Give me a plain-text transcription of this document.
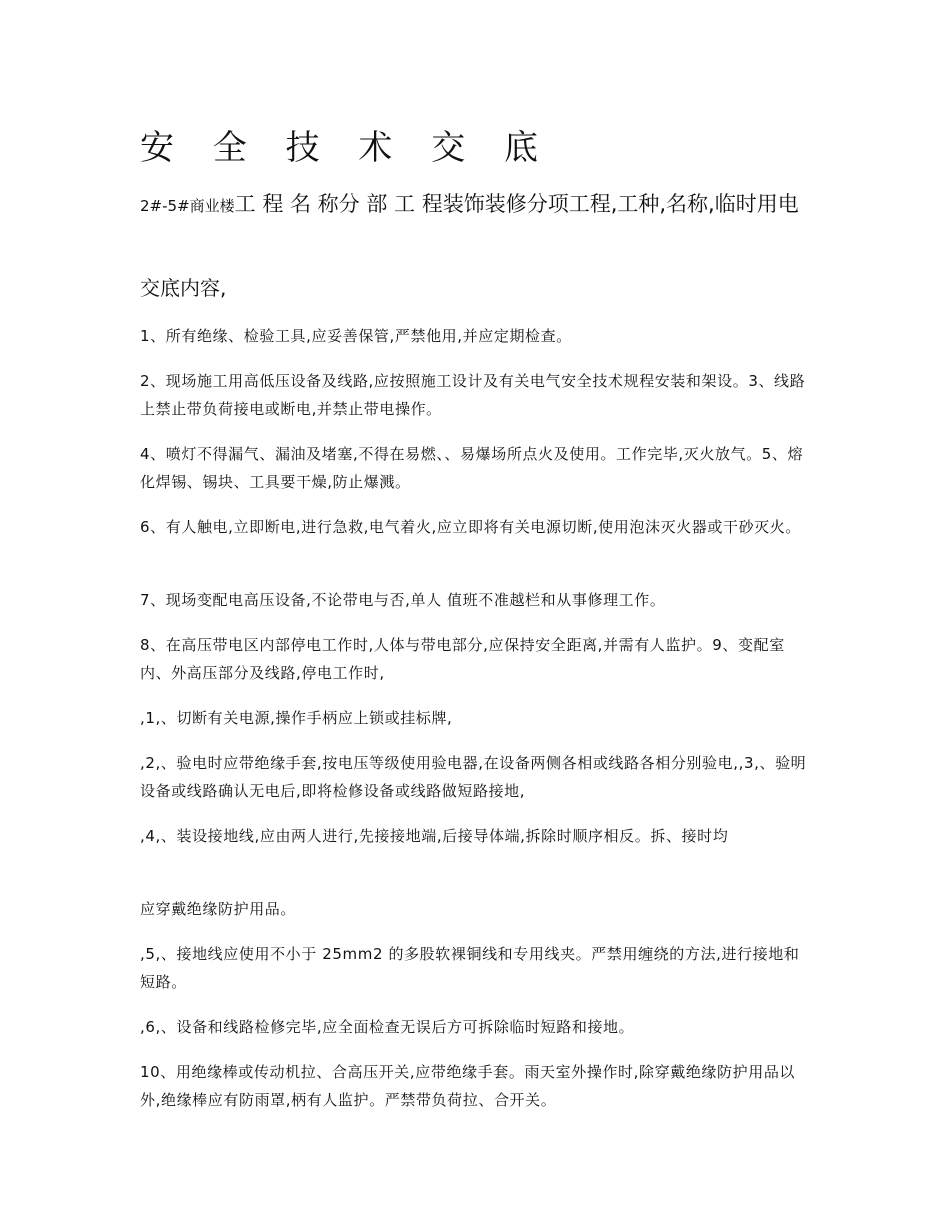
安 全 技 术 交 底

2#-5#商业楼工 程 名 称分 部 工 程装饰装修分项工程,工种,名称,临时用电

交底内容,

1、所有绝缘、检验工具,应妥善保管,严禁他用,并应定期检查。

2、现场施工用高低压设备及线路,应按照施工设计及有关电气安全技术规程安装和架设。3、线路上禁止带负荷接电或断电,并禁止带电操作。

4、喷灯不得漏气、漏油及堵塞,不得在易燃、、易爆场所点火及使用。工作完毕,灭火放气。5、熔化焊锡、锡块、工具要干燥,防止爆溅。

6、有人触电,立即断电,进行急救,电气着火,应立即将有关电源切断,使用泡沫灭火器或干砂灭火。

7、现场变配电高压设备,不论带电与否,单人 值班不准越栏和从事修理工作。

8、在高压带电区内部停电工作时,人体与带电部分,应保持安全距离,并需有人监护。9、变配室内、外高压部分及线路,停电工作时,

,1,、切断有关电源,操作手柄应上锁或挂标牌,

,2,、验电时应带绝缘手套,按电压等级使用验电器,在设备两侧各相或线路各相分别验电,,3,、验明设备或线路确认无电后,即将检修设备或线路做短路接地,

,4,、装设接地线,应由两人进行,先接接地端,后接导体端,拆除时顺序相反。拆、接时均

应穿戴绝缘防护用品。

,5,、接地线应使用不小于 25mm2 的多股软裸铜线和专用线夹。严禁用缠绕的方法,进行接地和短路。

,6,、设备和线路检修完毕,应全面检查无误后方可拆除临时短路和接地。

10、用绝缘棒或传动机拉、合高压开关,应带绝缘手套。雨天室外操作时,除穿戴绝缘防护用品以外,绝缘棒应有防雨罩,柄有人监护。严禁带负荷拉、合开关。
